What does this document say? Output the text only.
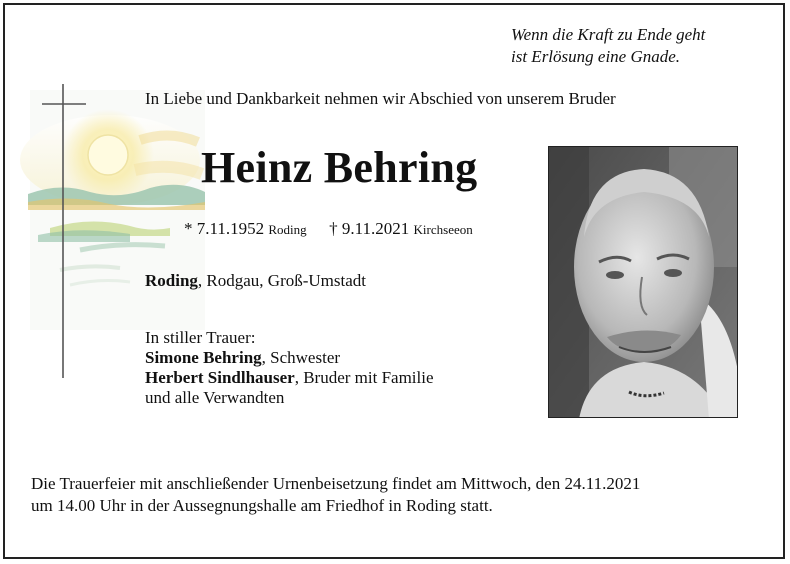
Wenn die Kraft zu Ende geht
ist Erlösung eine Gnade.
In Liebe und Dankbarkeit nehmen wir Abschied von unserem Bruder
Heinz Behring
* 7.11.1952 Roding † 9.11.2021 Kirchseeon
Roding, Rodgau, Groß-Umstadt
In stiller Trauer:
Simone Behring, Schwester
Herbert Sindlhauser, Bruder mit Familie
und alle Verwandten
Die Trauerfeier mit anschließender Urnenbeisetzung findet am Mittwoch, den 24.11.2021
um 14.00 Uhr in der Aussegnungshalle am Friedhof in Roding statt.
